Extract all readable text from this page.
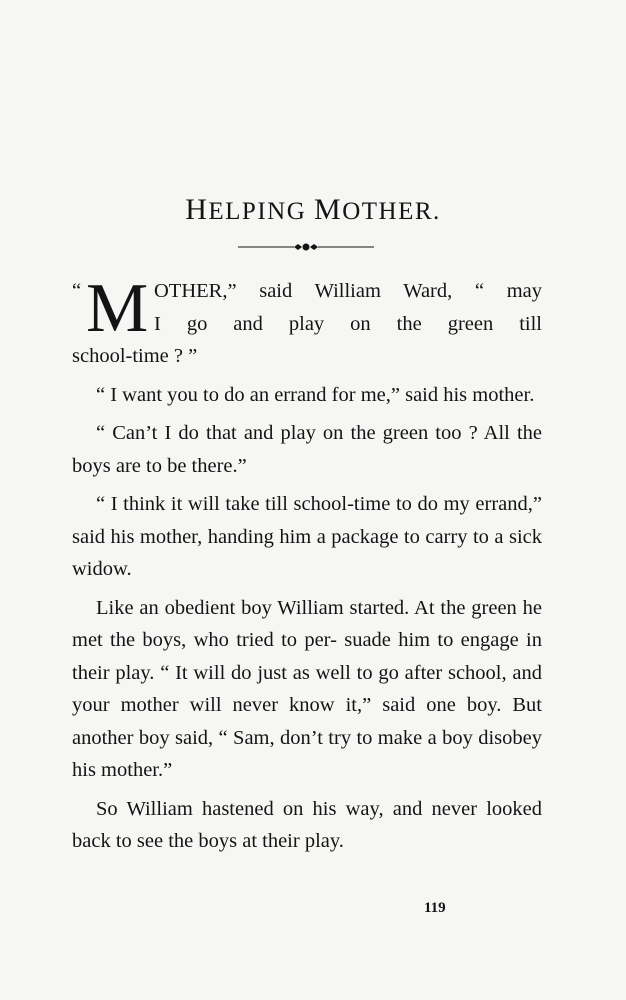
HELPING MOTHER.
“ M OTHER,” said William Ward, “ may
I go and play on the green till

school-time ? ”

“ I want you to do an errand for me,” said his mother.

“ Can’t I do that and play on the green too ? All the boys are to be there.”

“ I think it will take till school-time to do my errand,” said his mother, handing him a package to carry to a sick widow.

Like an obedient boy William started. At the green he met the boys, who tried to per- suade him to engage in their play. “ It will do just as well to go after school, and your mother will never know it,” said one boy. But another boy said, “ Sam, don’t try to make a boy disobey his mother.”

So William hastened on his way, and never looked back to see the boys at their play.

119
